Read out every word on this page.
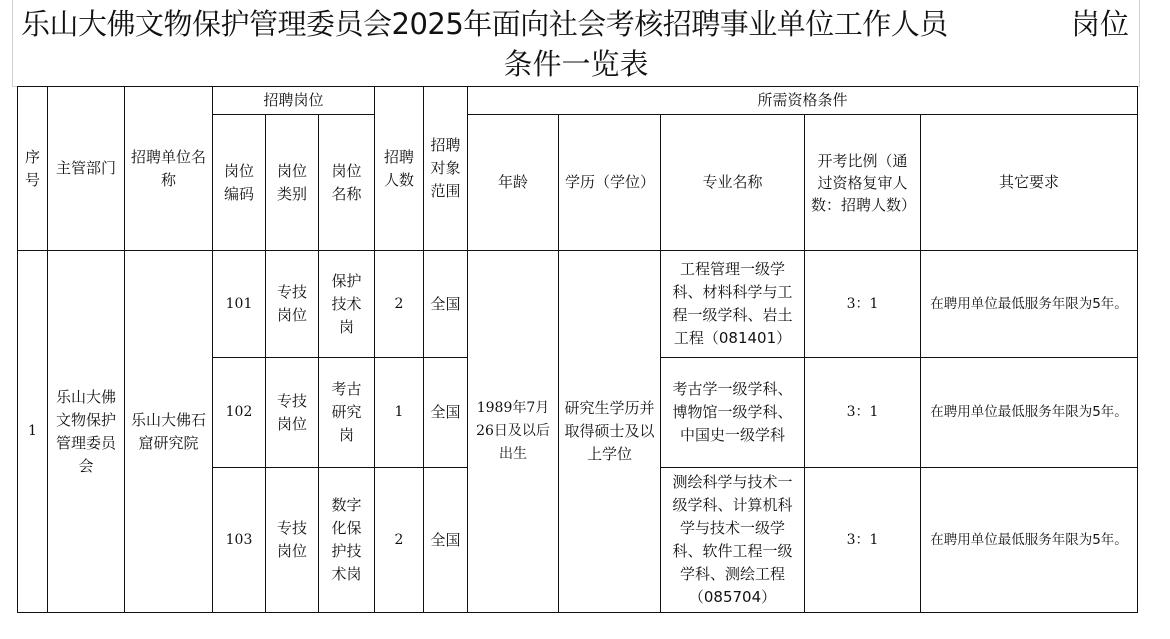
乐山大佛文物保护管理委员会2025年面向社会考核招聘事业单位工作人员	岗位
条件一览表
序号	主管部门	招聘单位名称	招聘岗位			招聘人数	招聘对象范围	所需资格条件				
			岗位编码	岗位类别	岗位名称			年龄	学历（学位）	专业名称	开考比例（通过资格复审人数：招聘人数）	其它要求
1	乐山大佛文物保护管理委员会	乐山大佛石窟研究院	101	专技岗位	保护技术岗	2	全国	1989年7月26日及以后出生	研究生学历并取得硕士及以上学位	工程管理一级学科、材料科学与工程一级学科、岩土工程（081401）	3：1	在聘用单位最低服务年限为5年。
			102	专技岗位	考古研究岗	1	全国			考古学一级学科、博物馆一级学科、中国史一级学科	3：1	在聘用单位最低服务年限为5年。
			103	专技岗位	数字化保护技术岗	2	全国			测绘科学与技术一级学科、计算机科学与技术一级学科、软件工程一级学科、测绘工程（085704）	3：1	在聘用单位最低服务年限为5年。
